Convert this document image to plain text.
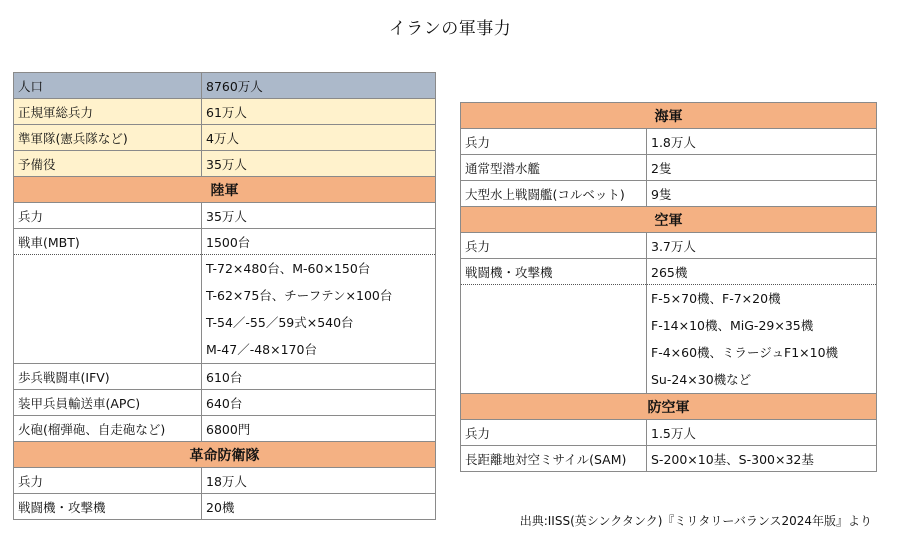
イランの軍事力
人口	8760万人
正規軍総兵力	61万人
準軍隊(憲兵隊など)	4万人
予備役	35万人
陸軍	
兵力	35万人
戦車(MBT)	1500台

	T-72×480台、M-60×150台
T-62×75台、チーフテン×100台
T-54／-55／59式×540台
M-47／-48×170台

歩兵戦闘車(IFV)	610台
装甲兵員輸送車(APC)	640台
火砲(榴弾砲、自走砲など)	6800門
革命防衛隊	
兵力	18万人
戦闘機・攻撃機	20機
海軍	
兵力	1.8万人
通常型潜水艦	2隻
大型水上戦闘艦(コルベット)	9隻
空軍	
兵力	3.7万人
戦闘機・攻撃機	265機

	F-5×70機、F-7×20機
F-14×10機、MiG-29×35機
F-4×60機、ミラージュF1×10機
Su-24×30機など

防空軍	
兵力	1.5万人
長距離地対空ミサイル(SAM)	S-200×10基、S-300×32基
出典:IISS(英シンクタンク)『ミリタリーバランス2024年版』より
